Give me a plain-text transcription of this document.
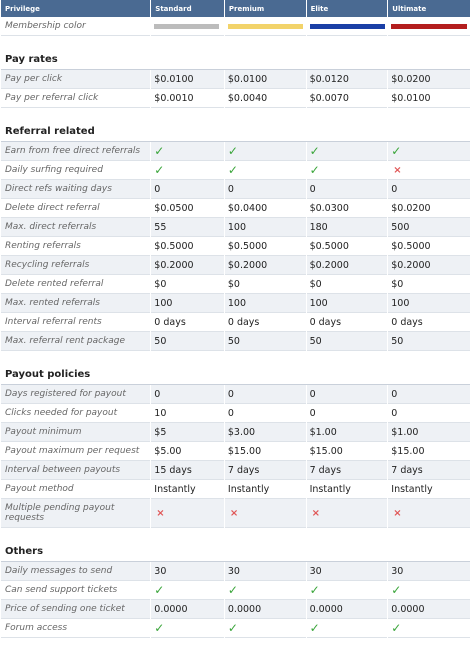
Privilege	Standard	Premium	Elite	Ultimate
Membership color				
Pay rates				
Pay per click	$0.0100	$0.0100	$0.0120	$0.0200
Pay per referral click	$0.0010	$0.0040	$0.0070	$0.0100
Referral related				
Earn from free direct referrals	✓	✓	✓	✓
Daily surfing required	✓	✓	✓	×
Direct refs waiting days	0	0	0	0
Delete direct referral	$0.0500	$0.0400	$0.0300	$0.0200
Max. direct referrals	55	100	180	500
Renting referrals	$0.5000	$0.5000	$0.5000	$0.5000
Recycling referrals	$0.2000	$0.2000	$0.2000	$0.2000
Delete rented referral	$0	$0	$0	$0
Max. rented referrals	100	100	100	100
Interval referral rents	0 days	0 days	0 days	0 days
Max. referral rent package	50	50	50	50
Payout policies				
Days registered for payout	0	0	0	0
Clicks needed for payout	10	0	0	0
Payout minimum	$5	$3.00	$1.00	$1.00
Payout maximum per request	$5.00	$15.00	$15.00	$15.00
Interval between payouts	15 days	7 days	7 days	7 days
Payout method	Instantly	Instantly	Instantly	Instantly
Multiple pending payout requests	×	×	×	×
Others				
Daily messages to send	30	30	30	30
Can send support tickets	✓	✓	✓	✓
Price of sending one ticket	0.0000	0.0000	0.0000	0.0000
Forum access	✓	✓	✓	✓
